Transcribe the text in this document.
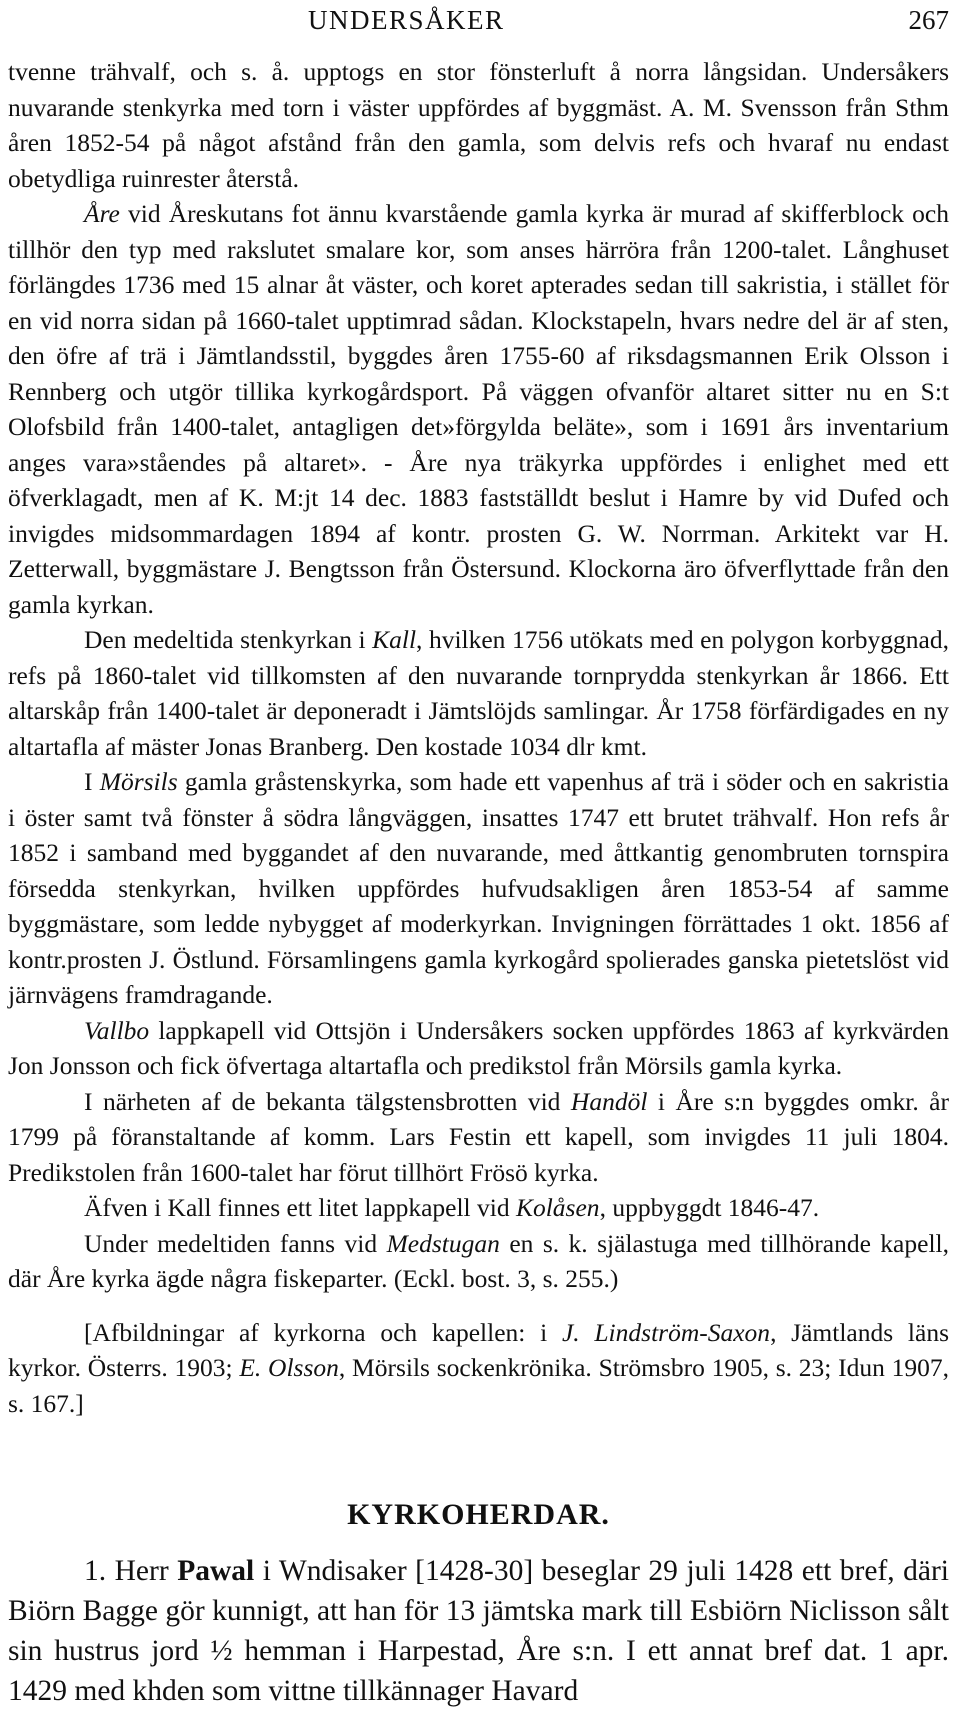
UNDERSÅKER	267

tvenne trähvalf, och s. å. upptogs en stor fönsterluft å norra långsidan. Undersåkers nuvarande stenkyrka med torn i väster uppfördes af byggmäst. A. M. Svensson från Sthm åren 1852-54 på något afstånd från den gamla, som delvis refs och hvaraf nu endast obetydliga ruinrester återstå.

Åre vid Åreskutans fot ännu kvarstående gamla kyrka är murad af skifferblock och tillhör den typ med rakslutet smalare kor, som anses härröra från 1200-talet. Långhuset förlängdes 1736 med 15 alnar åt väster, och koret apterades sedan till sakristia, i stället för en vid norra sidan på 1660-talet upptimrad sådan. Klockstapeln, hvars nedre del är af sten, den öfre af trä i Jämtlandsstil, byggdes åren 1755-60 af riksdagsmannen Erik Olsson i Rennberg och utgör tillika kyrkogårdsport. På väggen ofvanför altaret sitter nu en S:t Olofsbild från 1400-talet, antagligen det»förgylda beläte», som i 1691 års inventarium anges vara»ståendes på altaret». - Åre nya träkyrka uppfördes i enlighet med ett öfverklagadt, men af K. M:jt 14 dec. 1883 fastställdt beslut i Hamre by vid Dufed och invigdes midsommardagen 1894 af kontr. prosten G. W. Norrman. Arkitekt var H. Zetterwall, byggmästare J. Bengtsson från Östersund. Klockorna äro öfverflyttade från den gamla kyrkan.

Den medeltida stenkyrkan i Kall, hvilken 1756 utökats med en polygon korbyggnad, refs på 1860-talet vid tillkomsten af den nuvarande tornprydda stenkyrkan år 1866. Ett altarskåp från 1400-talet är deponeradt i Jämtslöjds samlingar. År 1758 förfärdigades en ny altartafla af mäster Jonas Branberg. Den kostade 1034 dlr kmt.

I Mörsils gamla gråstenskyrka, som hade ett vapenhus af trä i söder och en sakristia i öster samt två fönster å södra långväggen, insattes 1747 ett brutet trähvalf. Hon refs år 1852 i samband med byggandet af den nuvarande, med åttkantig genombruten tornspira försedda stenkyrkan, hvilken uppfördes hufvudsakligen åren 1853-54 af samme byggmästare, som ledde nybygget af moderkyrkan. Invigningen förrättades 1 okt. 1856 af kontr.prosten J. Östlund. Församlingens gamla kyrkogård spolierades ganska pietetslöst vid järnvägens framdragande.

Vallbo lappkapell vid Ottsjön i Undersåkers socken uppfördes 1863 af kyrkvärden Jon Jonsson och fick öfvertaga altartafla och predikstol från Mörsils gamla kyrka.

I närheten af de bekanta tälgstensbrotten vid Handöl i Åre s:n byggdes omkr. år 1799 på föranstaltande af komm. Lars Festin ett kapell, som invigdes 11 juli 1804. Predikstolen från 1600-talet har förut tillhört Frösö kyrka.

Äfven i Kall finnes ett litet lappkapell vid Kolåsen, uppbyggdt 1846-47.

Under medeltiden fanns vid Medstugan en s. k. själastuga med tillhörande kapell, där Åre kyrka ägde några fiskeparter. (Eckl. bost. 3, s. 255.)

[Afbildningar af kyrkorna och kapellen: i J. Lindström-Saxon, Jämtlands läns kyrkor. Österrs. 1903; E. Olsson, Mörsils sockenkrönika. Strömsbro 1905, s. 23; Idun 1907, s. 167.]

KYRKOHERDAR.

1. Herr Pawal i Wndisaker [1428-30] beseglar 29 juli 1428 ett bref, däri Biörn Bagge gör kunnigt, att han för 13 jämtska mark till Esbiörn Niclisson sålt sin hustrus jord ½ hemman i Harpestad, Åre s:n. I ett annat bref dat. 1 apr. 1429 med khden som vittne tillkännager Havard
